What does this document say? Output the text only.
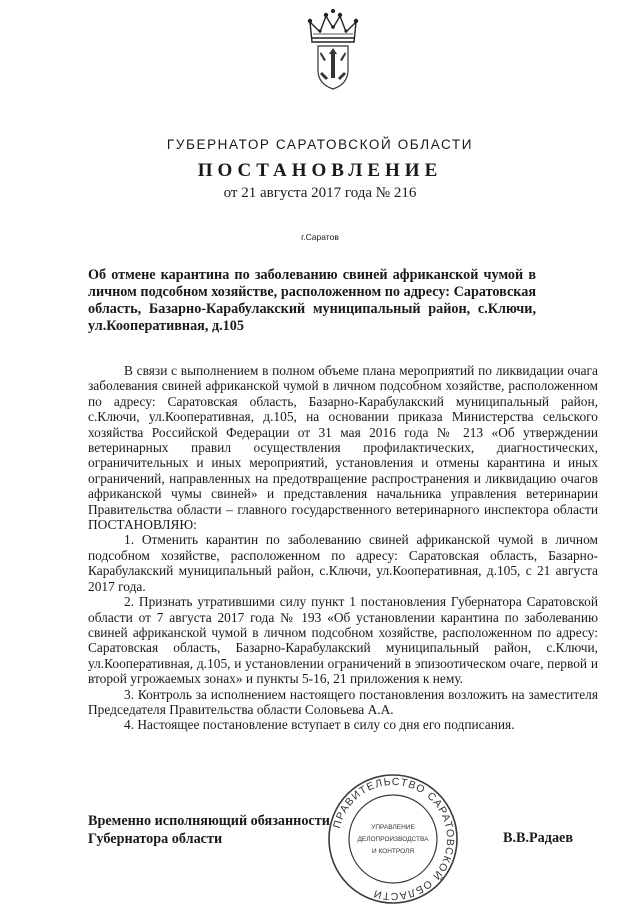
ГУБЕРНАТОР САРАТОВСКОЙ ОБЛАСТИ
ПОСТАНОВЛЕНИЕ
от 21 августа 2017 года № 216
г.Саратов
Об отмене карантина по заболеванию свиней африканской чумой в личном подсобном хозяйстве, расположенном по адресу: Саратовская область, Базарно-Карабулакский муниципальный район, с.Ключи, ул.Кооперативная, д.105

В связи с выполнением в полном объеме плана мероприятий по ликвидации очага заболевания свиней африканской чумой в личном подсобном хозяйстве, расположенном по адресу: Саратовская область, Базарно-Карабулакский муниципальный район, с.Ключи, ул.Кооперативная, д.105, на основании приказа Министерства сельского хозяйства Российской Федерации от 31 мая 2016 года № 213 «Об утверждении ветеринарных правил осуществления профилактических, диагностических, ограничительных и иных мероприятий, установления и отмены карантина и иных ограничений, направленных на предотвращение распространения и ликвидацию очагов африканской чумы свиней» и представления начальника управления ветеринарии Правительства области – главного государственного ветеринарного инспектора области ПОСТАНОВЛЯЮ:

1. Отменить карантин по заболеванию свиней африканской чумой в личном подсобном хозяйстве, расположенном по адресу: Саратовская область, Базарно-Карабулакский муниципальный район, с.Ключи, ул.Кооперативная, д.105, с 21 августа 2017 года.

2. Признать утратившими силу пункт 1 постановления Губернатора Саратовской области от 7 августа 2017 года № 193 «Об установлении карантина по заболеванию свиней африканской чумой в личном подсобном хозяйстве, расположенном по адресу: Саратовская область, Базарно-Карабулакский муниципальный район, с.Ключи, ул.Кооперативная, д.105, и установлении ограничений в эпизоотическом очаге, первой и второй угрожаемых зонах» и пункты 5-16, 21 приложения к нему.

3. Контроль за исполнением настоящего постановления возложить на заместителя Председателя Правительства области Соловьева А.А.

4. Настоящее постановление вступает в силу со дня его подписания.

Временно исполняющий обязанности
Губернатора области	В.В.Радаев
ПРАВИТЕЛЬСТВО САРАТОВСКОЙ ОБЛАСТИ
УПРАВЛЕНИЕ
ДЕЛОПРОИЗВОДСТВА
И КОНТРОЛЯ
